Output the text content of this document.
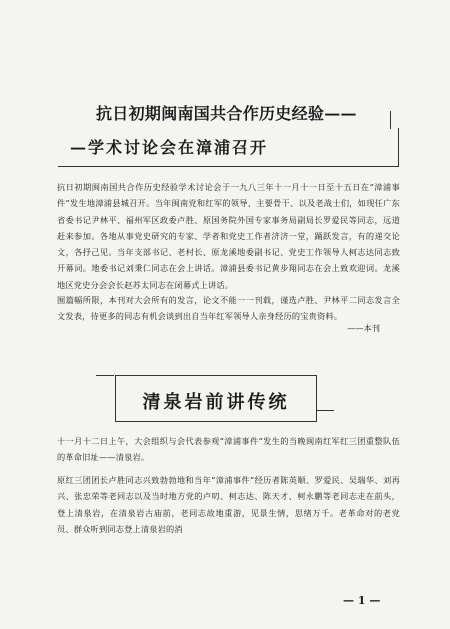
抗日初期闽南国共合作历史经验——
—学术讨论会在漳浦召开
抗日初期闽南国共合作历史经验学术讨论会于一九八三年十一月十一日至十五日在“漳浦事件”发生地漳浦县城召开。当年闽南党和红军的领导、主要骨干、以及老战士们，如现任广东省委书记尹林平、福州军区政委卢胜、原国务院外国专家事务局副局长罗爱民等同志，远道赶来参加。各地从事党史研究的专家、学者和党史工作者济济一堂，踊跃发言，有的递交论文，各抒己见。当年支部书记、老村长、原龙溪地委副书记、党史工作领导人柯志达同志致开幕词。地委书记刘秉仁同志在会上讲话。漳浦县委书记黄步翔同志在会上致欢迎词。龙溪地区党史分会会长赵苏太同志在闭幕式上讲话。
囿篇幅所限，本刊对大会所有的发言，论文不能一一刊载，谨选卢胜、尹林平二同志发言全文发表，待更多的同志有机会谈到出自当年红军领导人亲身经历的宝贵资料。
——本刊
清泉岩前讲传统
十一月十二日上午，大会组织与会代表参观“漳浦事件”发生的当晚闽南红军红三团重整队伍的革命旧址——清泉岩。
原红三团团长卢胜同志兴致勃勃地和当年“漳浦事件”经历者陈英顺、罗爱民、吴瑞华、刘再兴、张忠荣等老同志以及当时地方党的卢叨、柯志达、陈天才、柯永鹏等老同志走在前头，登上清泉岩，在清泉岩古庙前，老同志故地重游，见景生情，思绪万千。老革命对的老党员、群众听到同志登上清泉岩的消
— 1 —
